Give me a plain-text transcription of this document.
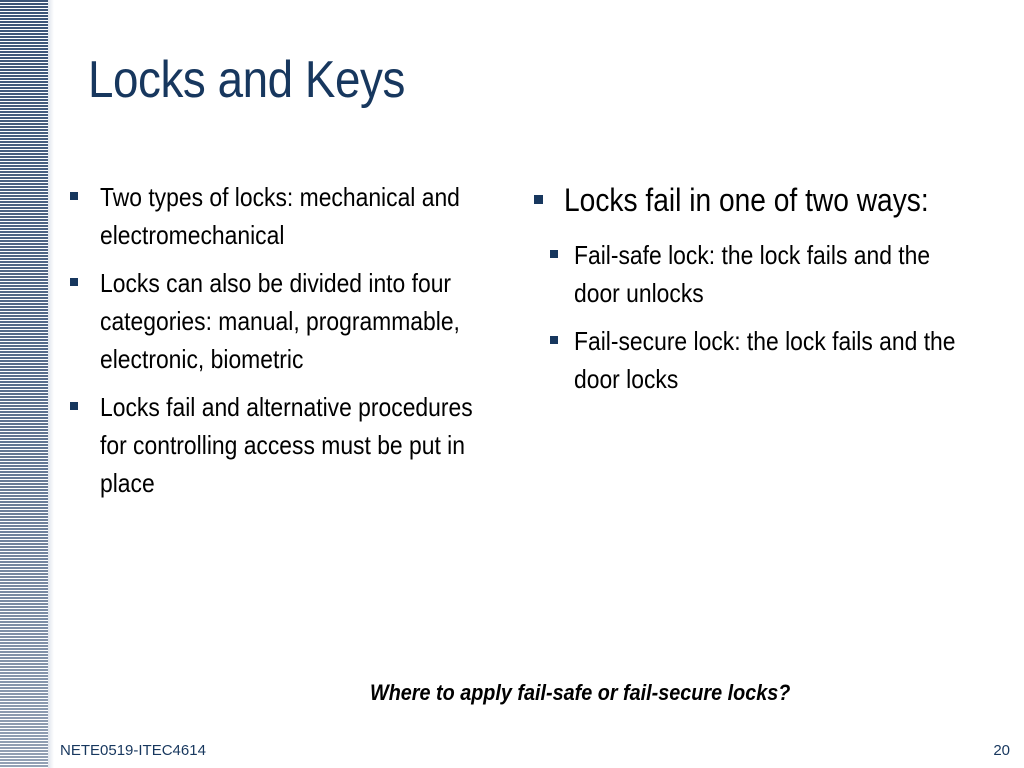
Locks and Keys
Two types of locks: mechanical and electromechanical
Locks can also be divided into four categories: manual, programmable, electronic, biometric
Locks fail and alternative procedures for controlling access must be put in place
Locks fail in one of two ways:
Fail-safe lock: the lock fails and the door unlocks
Fail-secure lock: the lock fails and the door locks

Where to apply fail-safe or fail-secure locks?

NETE0519-ITEC4614	20
